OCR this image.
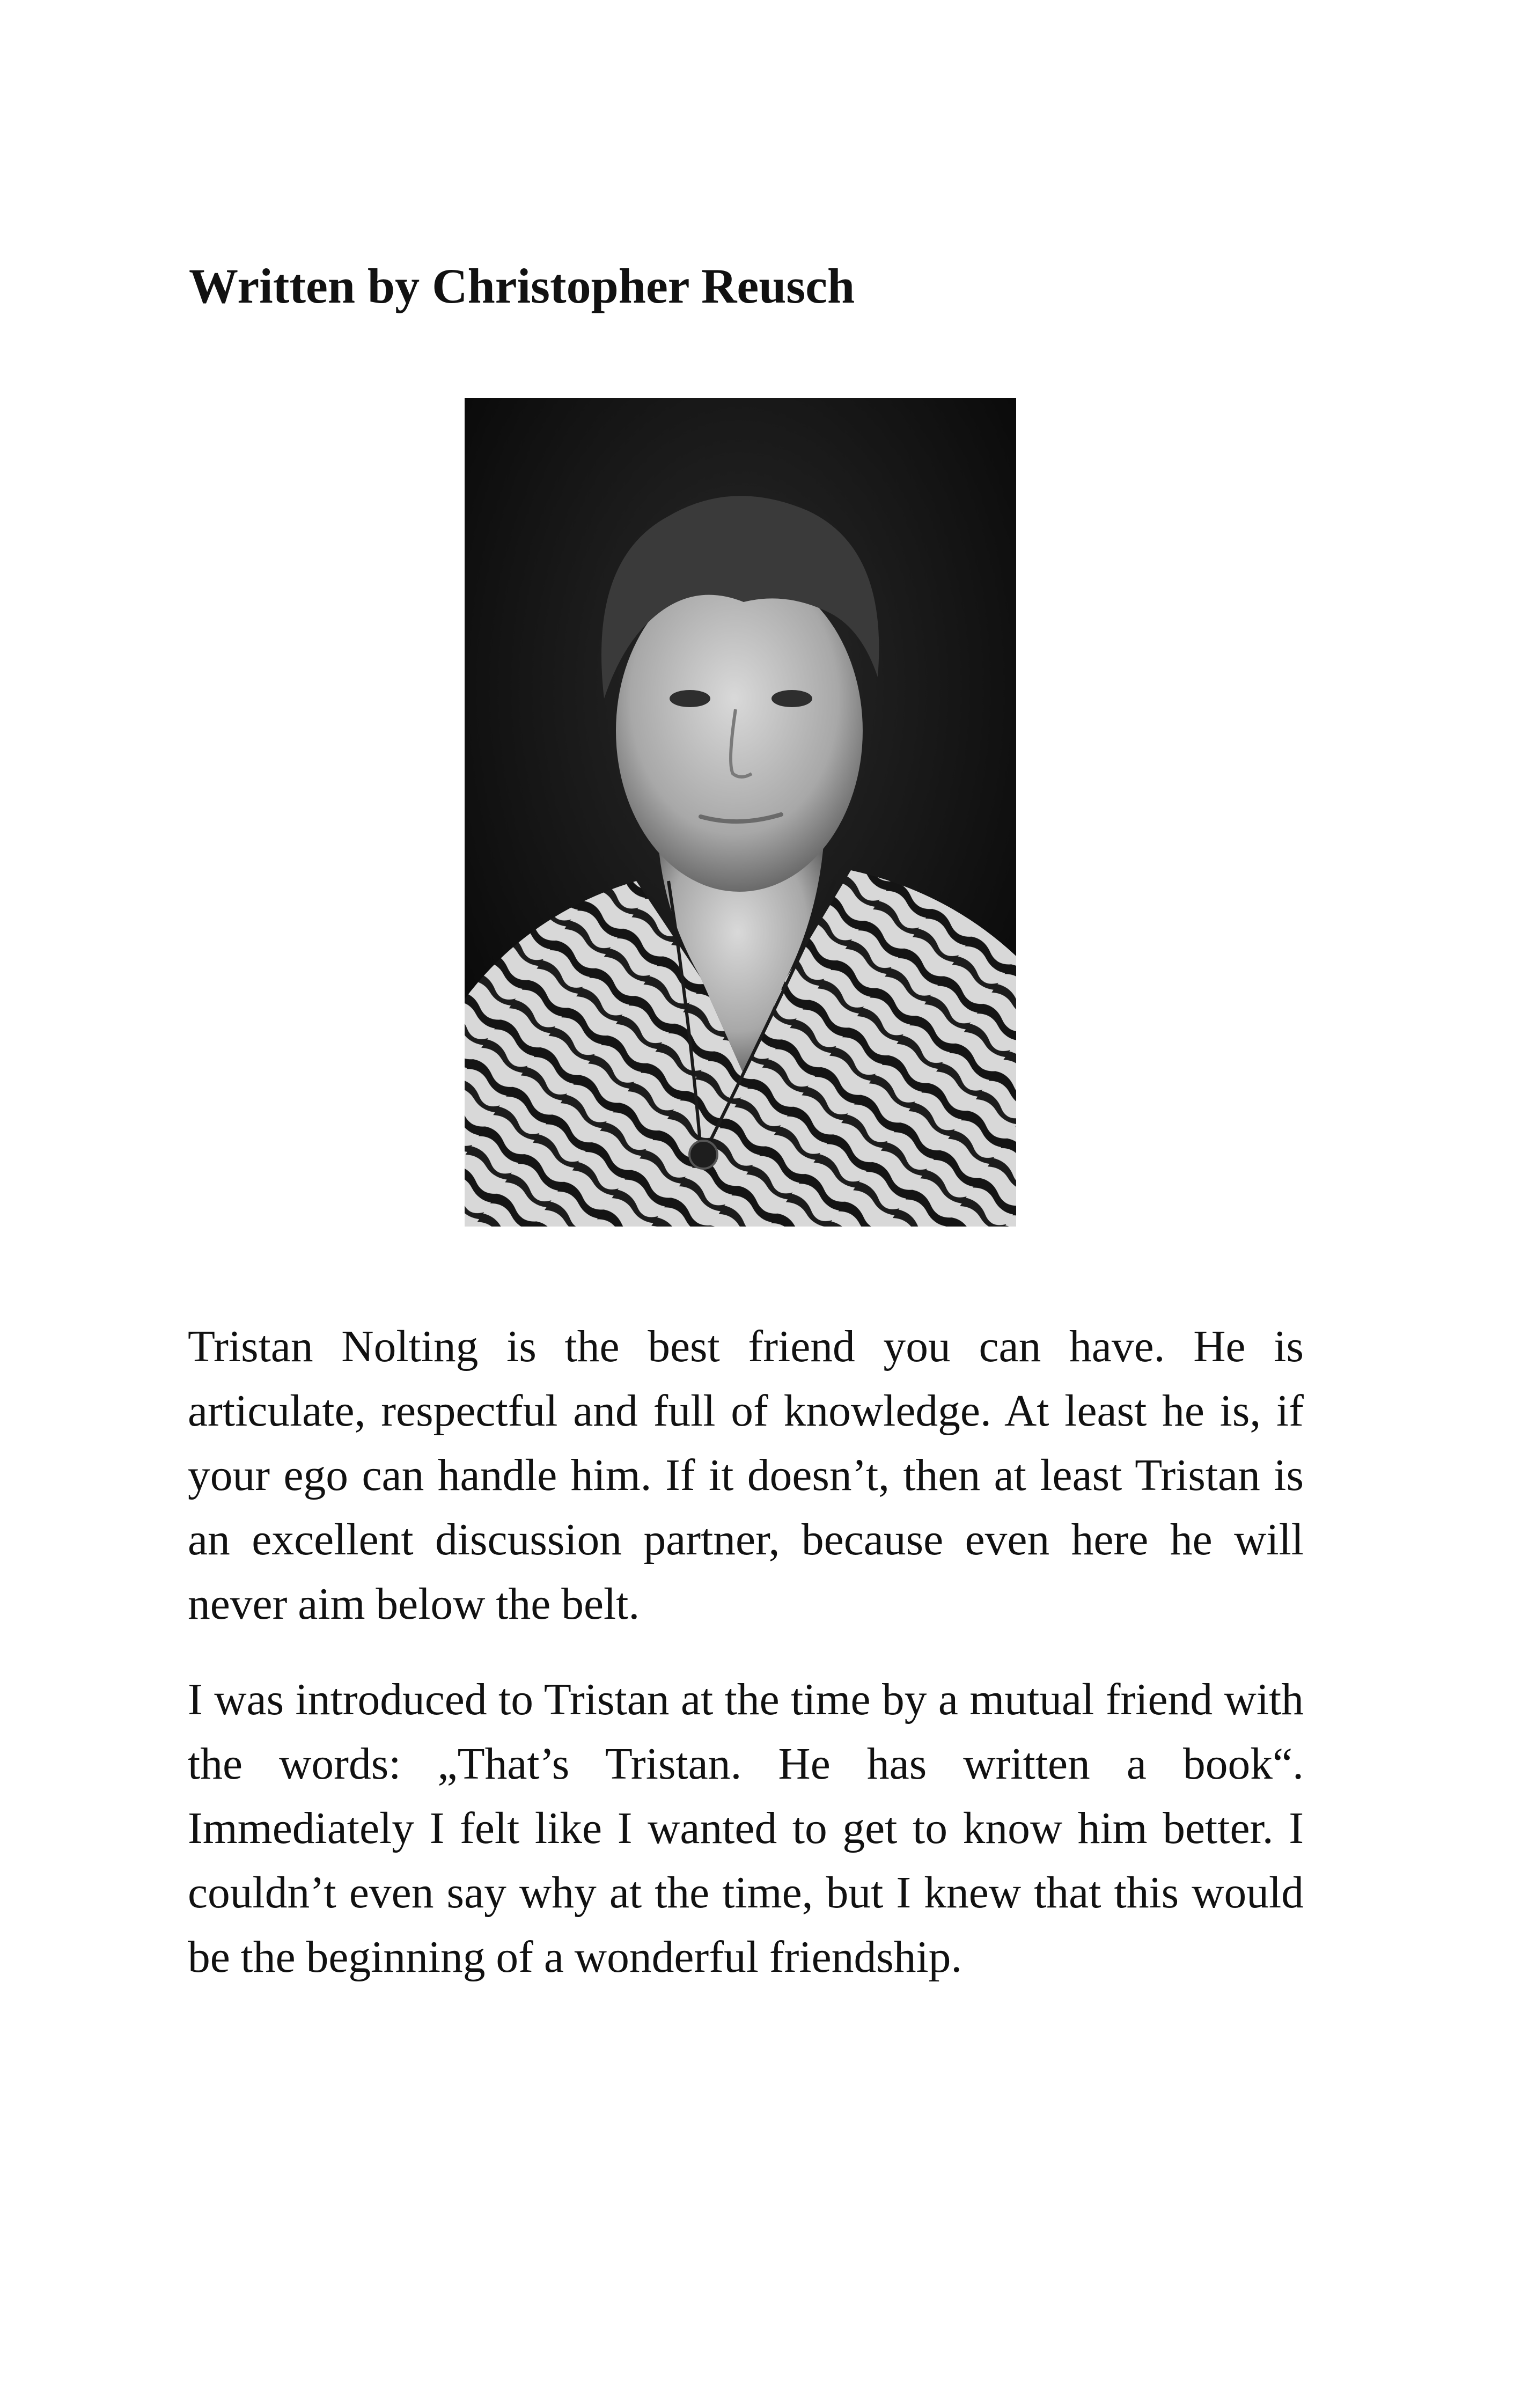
Written by Christopher Reusch

Tristan Nolting is the best friend you can have. He is articulate, respectful and full of knowledge. At least he is, if your ego can handle him. If it doesn’t, then at least Tristan is an excellent discussion partner, because even here he will never aim below the belt.

I was introduced to Tristan at the time by a mutual friend with the words: „That’s Tristan. He has written a book“. Immediately I felt like I wanted to get to know him better. I couldn’t even say why at the time, but I knew that this would be the beginning of a wonderful friendship.
